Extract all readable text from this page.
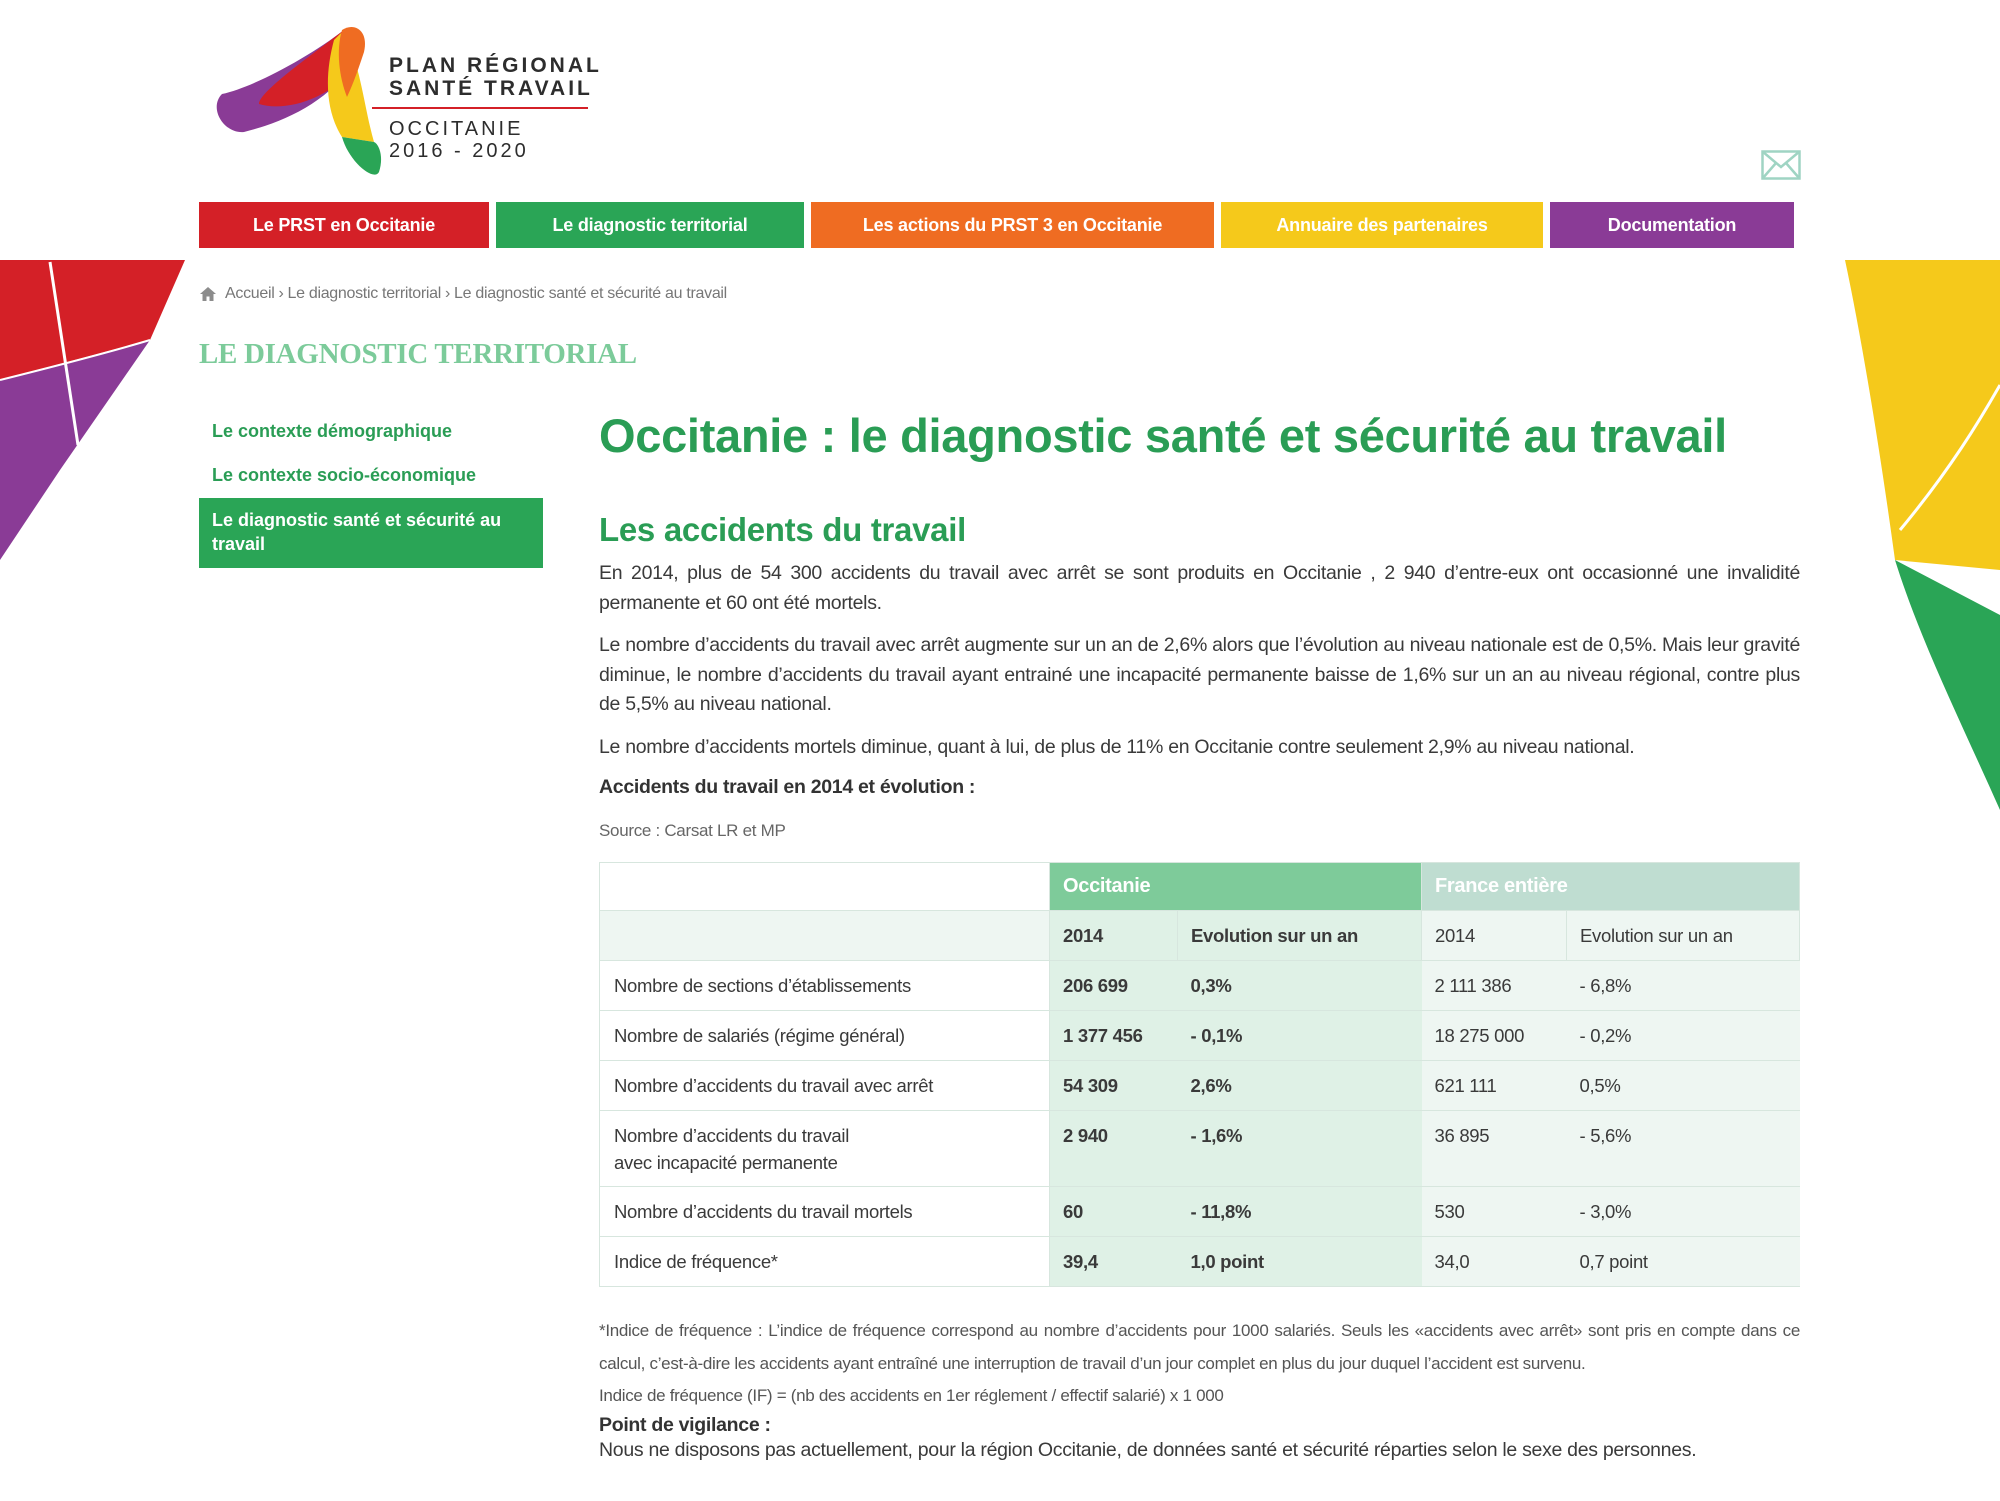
PLAN RÉGIONAL
SANTÉ TRAVAIL
OCCITANIE
2016 - 2020
Le PRST en Occitanie	Le diagnostic territorial	Les actions du PRST 3 en Occitanie	Annuaire des partenaires	Documentation
Accueil › Le diagnostic territorial › Le diagnostic santé et sécurité au travail
LE DIAGNOSTIC TERRITORIAL
Le contexte démographique
Le contexte socio-économique
Le diagnostic santé et sécurité au travail
Occitanie : le diagnostic santé et sécurité au travail
Les accidents du travail

En 2014, plus de 54 300 accidents du travail avec arrêt se sont produits en Occitanie , 2 940 d’entre-eux ont occasionné une invalidité permanente et 60 ont été mortels.

Le nombre d’accidents du travail avec arrêt augmente sur un an de 2,6% alors que l’évolution au niveau nationale est de 0,5%. Mais leur gravité diminue, le nombre d’accidents du travail ayant entrainé une incapacité permanente baisse de 1,6% sur un an au niveau régional, contre plus de 5,5% au niveau national.

Le nombre d’accidents mortels diminue, quant à lui, de plus de 11% en Occitanie contre seulement 2,9% au niveau national.

Accidents du travail en 2014 et évolution :
Source : Carsat LR et MP
	Occitanie		France entière	
	2014	Evolution sur un an	2014	Evolution sur un an
Nombre de sections d’établissements	206 699	0,3%	2 111 386	- 6,8%
Nombre de salariés (régime général)	1 377 456	- 0,1%	18 275 000	- 0,2%
Nombre d’accidents du travail avec arrêt	54 309	2,6%	621 111	0,5%

Nombre d’accidents du travail
avec incapacité permanente	2 940	- 1,6%	36 895	- 5,6%
Nombre d’accidents du travail mortels	60	- 11,8%	530	- 3,0%
Indice de fréquence*	39,4	1,0 point	34,0	0,7 point

*Indice de fréquence : L’indice de fréquence correspond au nombre d’accidents pour 1000 salariés. Seuls les «accidents avec arrêt» sont pris en compte dans ce calcul, c’est-à-dire les accidents ayant entraîné une interruption de travail d’un jour complet en plus du jour duquel l’accident est survenu.

Indice de fréquence (IF) = (nb des accidents en 1er réglement / effectif salarié) x 1 000

Point de vigilance :
Nous ne disposons pas actuellement, pour la région Occitanie, de données santé et sécurité réparties selon le sexe des personnes.
